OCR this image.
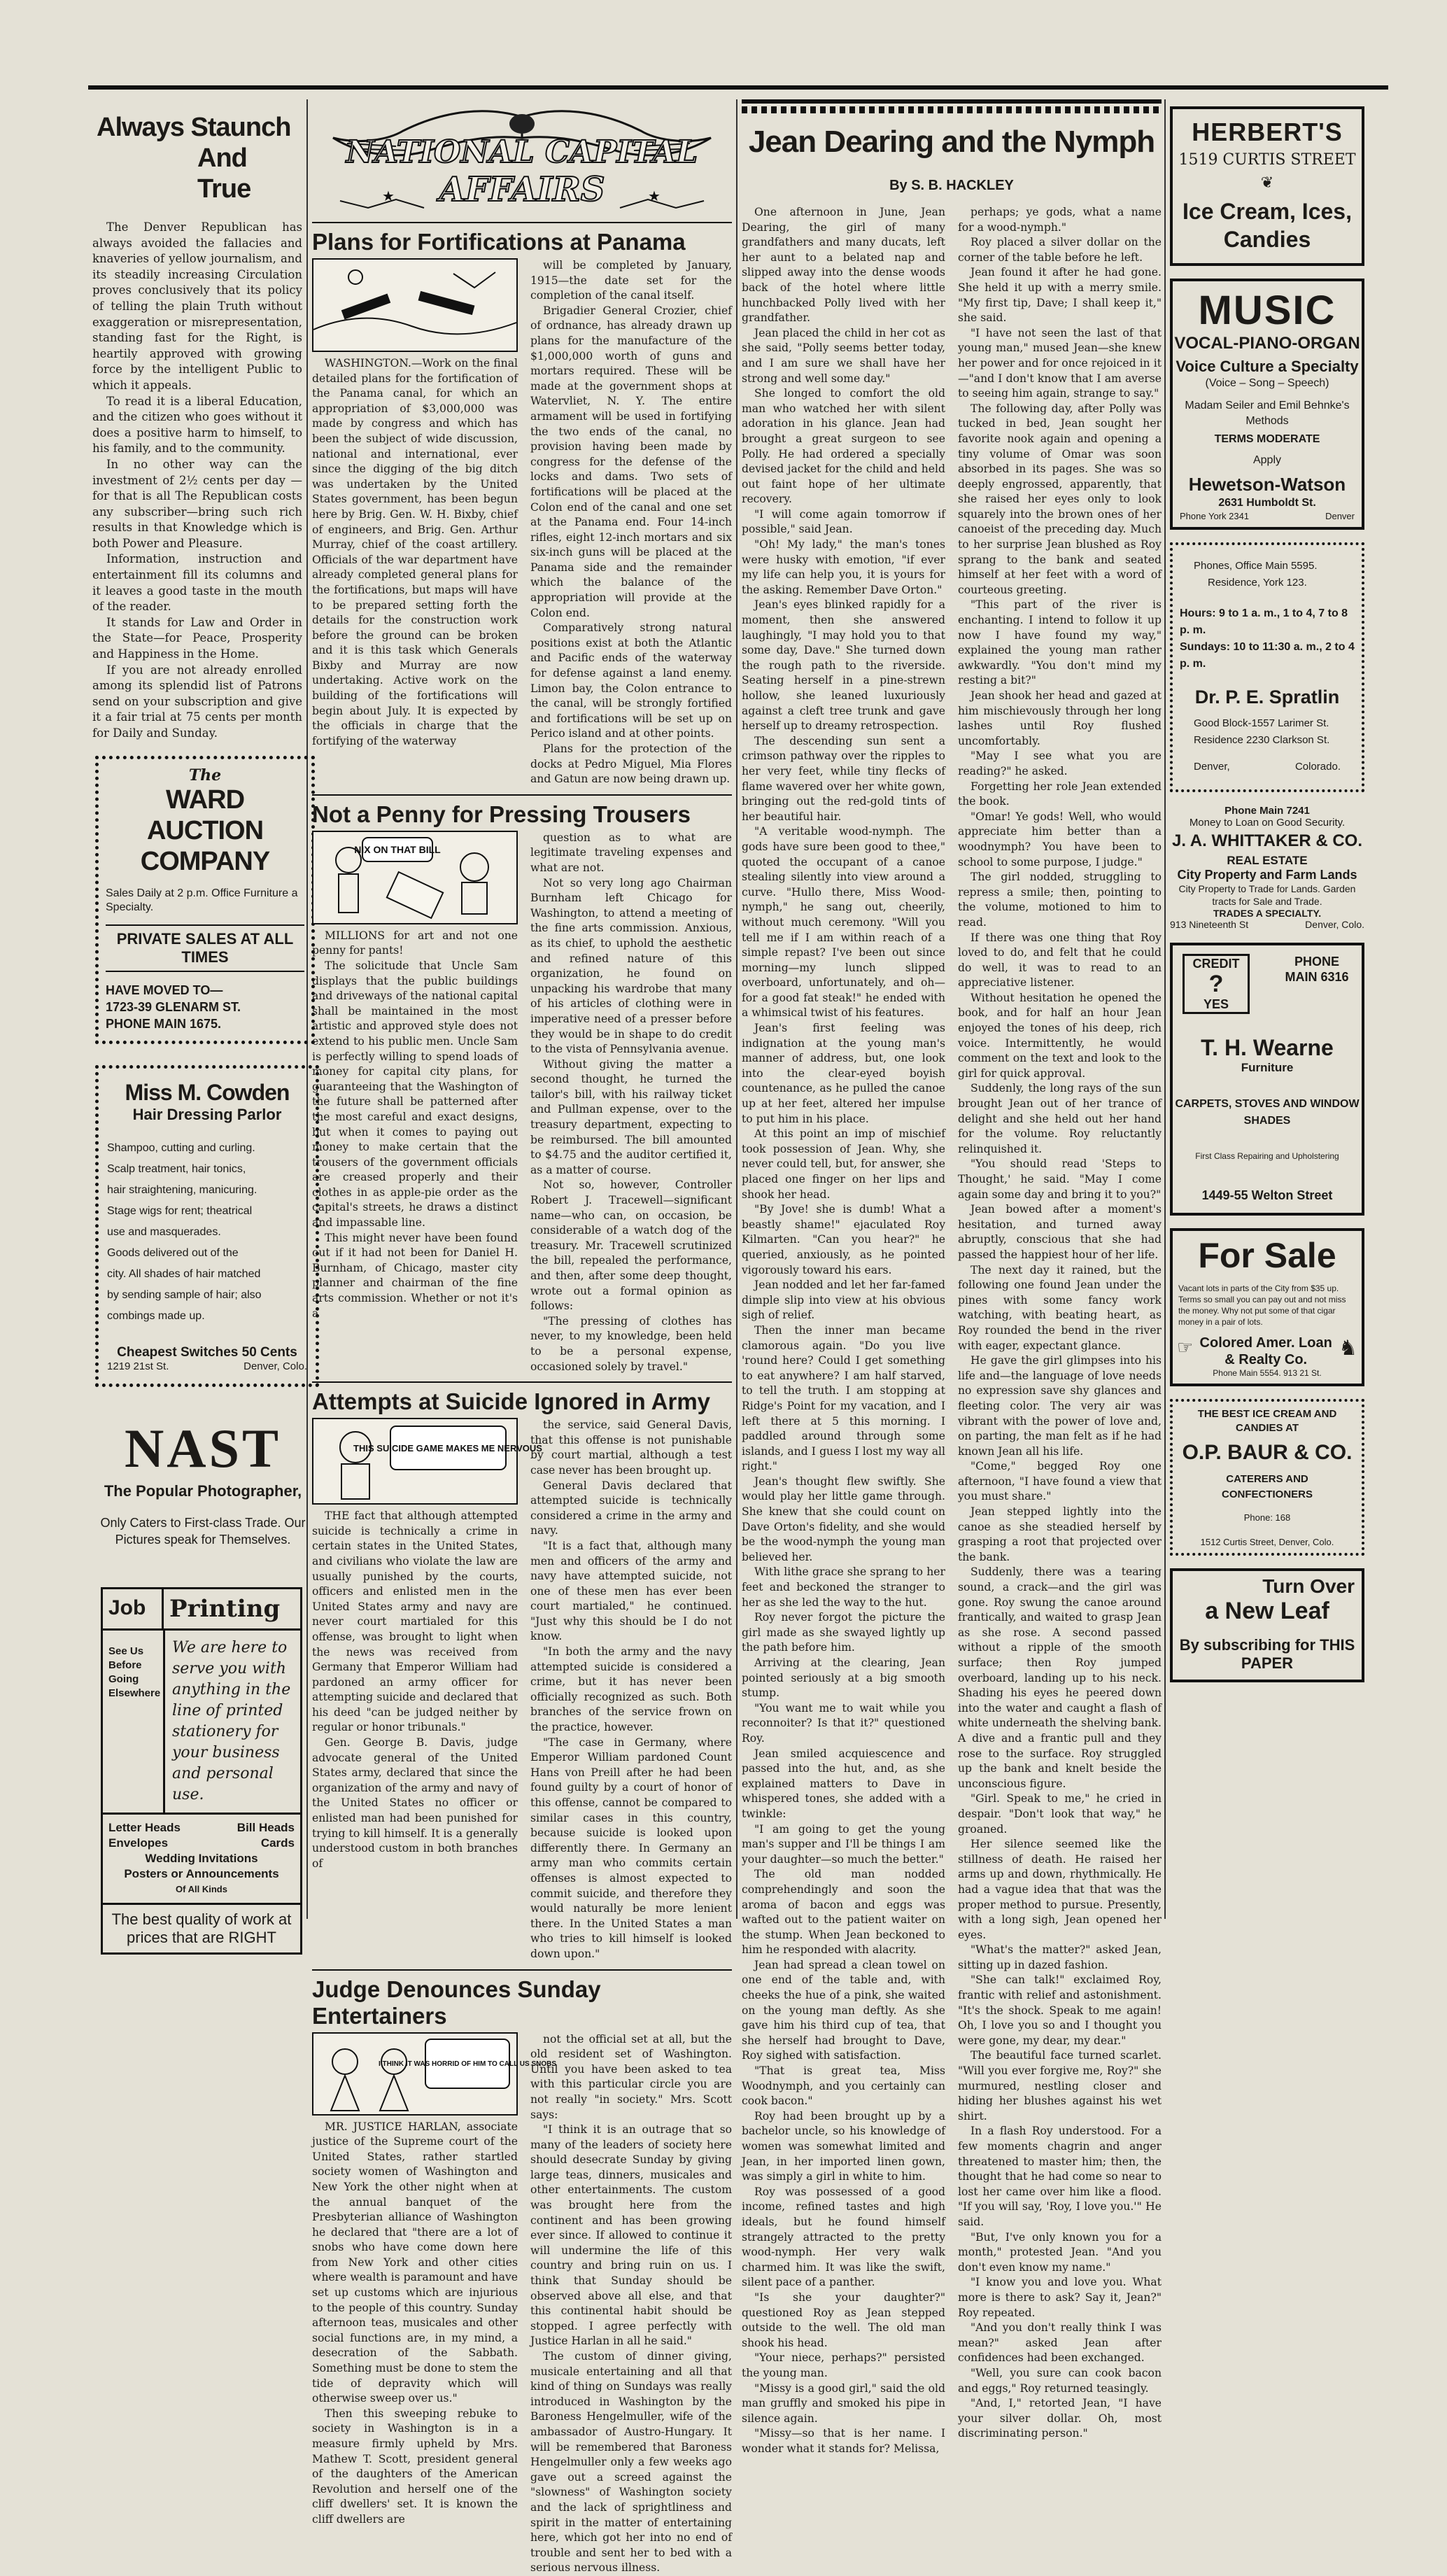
Always Staunch
And True

The Denver Republican has always avoided the fallacies and knaveries of yellow journalism, and its steadily increasing Circulation proves conclusively that its policy of telling the plain Truth without exaggeration or misrepresentation, standing fast for the Right, is heartily approved with growing force by the intelligent Public to which it appeals.

To read it is a liberal Education, and the citizen who goes without it does a positive harm to himself, to his family, and to the community.

In no other way can the investment of 2½ cents per day —for that is all The Republican costs any subscriber—bring such rich results in that Knowledge which is both Power and Pleasure.

Information, instruction and entertainment fill its columns and it leaves a good taste in the mouth of the reader.

It stands for Law and Order in the State—for Peace, Prosperity and Happiness in the Home.

If you are not already enrolled among its splendid list of Patrons send on your subscription and give it a fair trial at 75 cents per month for Daily and Sunday.

The
WARD AUCTION COMPANY
Sales Daily at 2 p.m. Office Furniture a Specialty.
PRIVATE SALES AT ALL TIMES
HAVE MOVED TO—
1723-39 GLENARM ST.
PHONE MAIN 1675.
Miss M. Cowden
Hair Dressing Parlor
Shampoo, cutting and curling.
Scalp treatment, hair tonics,
hair straightening, manicuring.
Stage wigs for rent; theatrical
use and masquerades.
Goods delivered out of the
city. All shades of hair matched
by sending sample of hair; also
combings made up.
Cheapest Switches 50 Cents
1219 21st St.	Denver, Colo.
NAST
The Popular Photographer,
Only Caters to First-class Trade. Our Pictures speak for Themselves.
Job Printing
See Us Before Going Elsewhere
We are here to serve you with anything in the line of printed stationery for your business and personal use.
Letter Heads	Bill Heads
Envelopes	Cards
Wedding Invitations
Posters or Announcements
Of All Kinds
The best quality of work at prices that are RIGHT
★	★
NATIONAL CAPITAL
AFFAIRS
Plans for Fortifications at Panama

WASHINGTON.—Work on the final detailed plans for the fortification of the Panama canal, for which an appropriation of $3,000,000 was made by congress and which has been the subject of wide discussion, national and international, ever since the digging of the big ditch was undertaken by the United States government, has been begun here by Brig. Gen. W. H. Bixby, chief of engineers, and Brig. Gen. Arthur Murray, chief of the coast artillery. Officials of the war department have already completed general plans for the fortifications, but maps will have to be prepared setting forth the details for the construction work before the ground can be broken and it is this task which Generals Bixby and Murray are now undertaking. Active work on the building of the fortifications will begin about July. It is expected by the officials in charge that the fortifying of the waterway

will be completed by January, 1915—the date set for the completion of the canal itself.

Brigadier General Crozier, chief of ordnance, has already drawn up plans for the manufacture of the $1,000,000 worth of guns and mortars required. These will be made at the government shops at Watervliet, N. Y. The entire armament will be used in fortifying the two ends of the canal, no provision having been made by congress for the defense of the locks and dams. Two sets of fortifications will be placed at the Colon end of the canal and one set at the Panama end. Four 14-inch rifles, eight 12-inch mortars and six six-inch guns will be placed at the Panama side and the remainder which the balance of the appropriation will provide at the Colon end.

Comparatively strong natural positions exist at both the Atlantic and Pacific ends of the waterway for defense against a land enemy. Limon bay, the Colon entrance to the canal, will be strongly fortified and fortifications will be set up on Perico island and at other points.

Plans for the protection of the docks at Pedro Miguel, Mia Flores and Gatun are now being drawn up.

Not a Penny for Pressing Trousers
NIX ON THAT BILL

MILLIONS for art and not one penny for pants!

The solicitude that Uncle Sam displays that the public buildings and driveways of the national capital shall be maintained in the most artistic and approved style does not extend to his public men. Uncle Sam is perfectly willing to spend loads of money for capital city plans, for guaranteeing that the Washington of the future shall be patterned after the most careful and exact designs, but when it comes to paying out money to make certain that the trousers of the government officials are creased properly and their clothes in as apple-pie order as the capital's streets, he draws a distinct and impassable line.

This might never have been found out if it had not been for Daniel H. Burnham, of Chicago, master city planner and chairman of the fine arts commission. Whether or not it's a

question as to what are legitimate traveling expenses and what are not.

Not so very long ago Chairman Burnham left Chicago for Washington, to attend a meeting of the fine arts commission. Anxious, as its chief, to uphold the aesthetic and refined nature of this organization, he found on unpacking his wardrobe that many of his articles of clothing were in imperative need of a presser before they would be in shape to do credit to the vista of Pennsylvania avenue.

Without giving the matter a second thought, he turned the tailor's bill, with his railway ticket and Pullman expense, over to the treasury department, expecting to be reimbursed. The bill amounted to $4.75 and the auditor certified it, as a matter of course.

Not so, however, Controller Robert J. Tracewell—significant name—who can, on occasion, be considerable of a watch dog of the treasury. Mr. Tracewell scrutinized the bill, repealed the performance, and then, after some deep thought, wrote out a formal opinion as follows:

"The pressing of clothes has never, to my knowledge, been held to be a personal expense, occasioned solely by travel."

Attempts at Suicide Ignored in Army
THIS SUICIDE GAME MAKES ME NERVOUS

THE fact that although attempted suicide is technically a crime in certain states in the United States, and civilians who violate the law are usually punished by the courts, officers and enlisted men in the United States army and navy are never court martialed for this offense, was brought to light when the news was received from Germany that Emperor William had pardoned an army officer for attempting suicide and declared that his deed "can be judged neither by regular or honor tribunals."

Gen. George B. Davis, judge advocate general of the United States army, declared that since the organization of the army and navy of the United States no officer or enlisted man had been punished for trying to kill himself. It is a generally understood custom in both branches of

the service, said General Davis, that this offense is not punishable by court martial, although a test case never has been brought up.

General Davis declared that attempted suicide is technically considered a crime in the army and navy.

"It is a fact that, although many men and officers of the army and navy have attempted suicide, not one of these men has ever been court martialed," he continued. "Just why this should be I do not know.

"In both the army and the navy attempted suicide is considered a crime, but it has never been officially recognized as such. Both branches of the service frown on the practice, however.

"The case in Germany, where Emperor William pardoned Count Hans von Preill after he had been found guilty by a court of honor of this offense, cannot be compared to similar cases in this country, because suicide is looked upon differently there. In Germany an army man who commits certain offenses is almost expected to commit suicide, and therefore they would naturally be more lenient there. In the United States a man who tries to kill himself is looked down upon."

Judge Denounces Sunday Entertainers
I THINK IT WAS HORRID OF HIM TO CALL US SNOBS

MR. JUSTICE HARLAN, associate justice of the Supreme court of the United States, rather startled society women of Washington and New York the other night when at the annual banquet of the Presbyterian alliance of Washington he declared that "there are a lot of snobs who have come down here from New York and other cities where wealth is paramount and have set up customs which are injurious to the people of this country. Sunday afternoon teas, musicales and other social functions are, in my mind, a desecration of the Sabbath. Something must be done to stem the tide of depravity which will otherwise sweep over us."

Then this sweeping rebuke to society in Washington is in a measure firmly upheld by Mrs. Mathew T. Scott, president general of the daughters of the American Revolution and herself one of the cliff dwellers' set. It is known the cliff dwellers are

not the official set at all, but the old resident set of Washington. Until you have been asked to tea with this particular circle you are not really "in society." Mrs. Scott says:

"I think it is an outrage that so many of the leaders of society here should desecrate Sunday by giving large teas, dinners, musicales and other entertainments. The custom was brought here from the continent and has been growing ever since. If allowed to continue it will undermine the life of this country and bring ruin on us. I think that Sunday should be observed above all else, and that this continental habit should be stopped. I agree perfectly with Justice Harlan in all he said."

The custom of dinner giving, musicale entertaining and all that kind of thing on Sundays was really introduced in Washington by the Baroness Hengelmuller, wife of the ambassador of Austro-Hungary. It will be remembered that Baroness Hengelmuller only a few weeks ago gave out a screed against the "slowness" of Washington society and the lack of sprightliness and spirit in the matter of entertaining here, which got her into no end of trouble and sent her to bed with a serious nervous illness.

Jean Dearing and the Nymph
By S. B. HACKLEY

One afternoon in June, Jean Dearing, the girl of many grandfathers and many ducats, left her aunt to a belated nap and slipped away into the dense woods back of the hotel where little hunchbacked Polly lived with her grandfather.

Jean placed the child in her cot as she said, "Polly seems better today, and I am sure we shall have her strong and well some day."

She longed to comfort the old man who watched her with silent adoration in his glance. Jean had brought a great surgeon to see Polly. He had ordered a specially devised jacket for the child and held out faint hope of her ultimate recovery.

"I will come again tomorrow if possible," said Jean.

"Oh! My lady," the man's tones were husky with emotion, "if ever my life can help you, it is yours for the asking. Remember Dave Orton."

Jean's eyes blinked rapidly for a moment, then she answered laughingly, "I may hold you to that some day, Dave." She turned down the rough path to the riverside. Seating herself in a pine-strewn hollow, she leaned luxuriously against a cleft tree trunk and gave herself up to dreamy retrospection.

The descending sun sent a crimson pathway over the ripples to her very feet, while tiny flecks of flame wavered over her white gown, bringing out the red-gold tints of her beautiful hair.

"A veritable wood-nymph. The gods have sure been good to thee," quoted the occupant of a canoe stealing silently into view around a curve. "Hullo there, Miss Wood-nymph," he sang out, cheerily, without much ceremony. "Will you tell me if I am within reach of a simple repast? I've been out since morning—my lunch slipped overboard, unfortunately, and oh—for a good fat steak!" he ended with a whimsical twist of his features.

Jean's first feeling was indignation at the young man's manner of address, but, one look into the clear-eyed boyish countenance, as he pulled the canoe up at her feet, altered her impulse to put him in his place.

At this point an imp of mischief took possession of Jean. Why, she never could tell, but, for answer, she placed one finger on her lips and shook her head.

"By Jove! she is dumb! What a beastly shame!" ejaculated Roy Kilmarten. "Can you hear?" he queried, anxiously, as he pointed vigorously toward his ears.

Jean nodded and let her far-famed dimple slip into view at his obvious sigh of relief.

Then the inner man became clamorous again. "Do you live 'round here? Could I get something to eat anywhere? I am half starved, to tell the truth. I am stopping at Ridge's Point for my vacation, and I left there at 5 this morning. I paddled around through some islands, and I guess I lost my way all right."

Jean's thought flew swiftly. She would play her little game through. She knew that she could count on Dave Orton's fidelity, and she would be the wood-nymph the young man believed her.

With lithe grace she sprang to her feet and beckoned the stranger to her as she led the way to the hut.

Roy never forgot the picture the girl made as she swayed lightly up the path before him.

Arriving at the clearing, Jean pointed seriously at a big smooth stump.

"You want me to wait while you reconnoiter? Is that it?" questioned Roy.

Jean smiled acquiescence and passed into the hut, and, as she explained matters to Dave in whispered tones, she added with a twinkle:

"I am going to get the young man's supper and I'll be things I am your daughter—so much the better."

The old man nodded comprehendingly and soon the aroma of bacon and eggs was wafted out to the patient waiter on the stump. When Jean beckoned to him he responded with alacrity.

Jean had spread a clean towel on one end of the table and, with cheeks the hue of a pink, she waited on the young man deftly. As she gave him his third cup of tea, that she herself had brought to Dave, Roy sighed with satisfaction.

"That is great tea, Miss Woodnymph, and you certainly can cook bacon."

Roy had been brought up by a bachelor uncle, so his knowledge of women was somewhat limited and Jean, in her imported linen gown, was simply a girl in white to him.

Roy was possessed of a good income, refined tastes and high ideals, but he found himself strangely attracted to the pretty wood-nymph. Her very walk charmed him. It was like the swift, silent pace of a panther.

"Is she your daughter?" questioned Roy as Jean stepped outside to the well. The old man shook his head.

"Your niece, perhaps?" persisted the young man.

"Missy is a good girl," said the old man gruffly and smoked his pipe in silence again.

"Missy—so that is her name. I wonder what it stands for? Melissa,

perhaps; ye gods, what a name for a wood-nymph."

Roy placed a silver dollar on the corner of the table before he left.

Jean found it after he had gone. She held it up with a merry smile. "My first tip, Dave; I shall keep it," she said.

"I have not seen the last of that young man," mused Jean—she knew her power and for once rejoiced in it —"and I don't know that I am averse to seeing him again, strange to say."

The following day, after Polly was tucked in bed, Jean sought her favorite nook again and opening a tiny volume of Omar was soon absorbed in its pages. She was so deeply engrossed, apparently, that she raised her eyes only to look squarely into the brown ones of her canoeist of the preceding day. Much to her surprise Jean blushed as Roy sprang to the bank and seated himself at her feet with a word of courteous greeting.

"This part of the river is enchanting. I intend to follow it up now I have found my way," explained the young man rather awkwardly. "You don't mind my resting a bit?"

Jean shook her head and gazed at him mischievously through her long lashes until Roy flushed uncomfortably.

"May I see what you are reading?" he asked.

Forgetting her role Jean extended the book.

"Omar! Ye gods! Well, who would appreciate him better than a woodnymph? You have been to school to some purpose, I judge."

The girl nodded, struggling to repress a smile; then, pointing to the volume, motioned to him to read.

If there was one thing that Roy loved to do, and felt that he could do well, it was to read to an appreciative listener.

Without hesitation he opened the book, and for half an hour Jean enjoyed the tones of his deep, rich voice. Intermittently, he would comment on the text and look to the girl for quick approval.

Suddenly, the long rays of the sun brought Jean out of her trance of delight and she held out her hand for the volume. Roy reluctantly relinquished it.

"You should read 'Steps to Thought,' he said. "May I come again some day and bring it to you?"

Jean bowed after a moment's hesitation, and turned away abruptly, conscious that she had passed the happiest hour of her life.

The next day it rained, but the following one found Jean under the pines with some fancy work watching, with beating heart, as Roy rounded the bend in the river with eager, expectant glance.

He gave the girl glimpses into his life and—the language of love needs no expression save shy glances and fleeting color. The very air was vibrant with the power of love and, on parting, the man felt as if he had known Jean all his life.

"Come," begged Roy one afternoon, "I have found a view that you must share."

Jean stepped lightly into the canoe as she steadied herself by grasping a root that projected over the bank.

Suddenly, there was a tearing sound, a crack—and the girl was gone. Roy swung the canoe around frantically, and waited to grasp Jean as she rose. A second passed without a ripple of the smooth surface; then Roy jumped overboard, landing up to his neck. Shading his eyes he peered down into the water and caught a flash of white underneath the shelving bank. A dive and a frantic pull and they rose to the surface. Roy struggled up the bank and knelt beside the unconscious figure.

"Girl. Speak to me," he cried in despair. "Don't look that way," he groaned.

Her silence seemed like the stillness of death. He raised her arms up and down, rhythmically. He had a vague idea that that was the proper method to pursue. Presently, with a long sigh, Jean opened her eyes.

"What's the matter?" asked Jean, sitting up in dazed fashion.

"She can talk!" exclaimed Roy, frantic with relief and astonishment. "It's the shock. Speak to me again! Oh, I love you so and I thought you were gone, my dear, my dear."

The beautiful face turned scarlet. "Will you ever forgive me, Roy?" she murmured, nestling closer and hiding her blushes against his wet shirt.

In a flash Roy understood. For a few moments chagrin and anger threatened to master him; then, the thought that he had come so near to lost her came over him like a flood. "If you will say, 'Roy, I love you.'" He said.

"But, I've only known you for a month," protested Jean. "And you don't even know my name."

"I know you and love you. What more is there to ask? Say it, Jean?" Roy repeated.

"And you don't really think I was mean?" asked Jean after confidences had been exchanged.

"Well, you sure can cook bacon and eggs," Roy returned teasingly.

"And, I," retorted Jean, "I have your silver dollar. Oh, most discriminating person."

HERBERT'S
1519 CURTIS STREET
❦
Ice Cream, Ices, Candies
MUSIC
VOCAL-PIANO-ORGAN
Voice Culture a Specialty
(Voice – Song – Speech)
Madam Seiler and Emil Behnke's Methods
TERMS MODERATE
Apply
Hewetson-Watson
2631 Humboldt St.
Phone York 2341	Denver
Phones, Office Main 5595.
Residence, York 123.
Hours: 9 to 1 a. m., 1 to 4, 7 to 8 p. m.
Sundays: 10 to 11:30 a. m., 2 to 4 p. m.
Dr. P. E. Spratlin
Good Block-1557 Larimer St.
Residence 2230 Clarkson St.
Denver,	Colorado.
Phone Main 7241
Money to Loan on Good Security.
J. A. WHITTAKER & CO.
REAL ESTATE
City Property and Farm Lands
City Property to Trade for Lands. Garden tracts for Sale and Trade.
TRADES A SPECIALTY.
913 Nineteenth St	Denver, Colo.
CREDIT
?
YES
PHONE MAIN 6316
T. H. Wearne
Furniture
CARPETS, STOVES AND WINDOW SHADES
First Class Repairing and Upholstering
1449-55 Welton Street
For Sale
Vacant lots in parts of the City from $35 up. Terms so small you can pay out and not miss the money. Why not put some of that cigar money in a pair of lots.
☞ Colored Amer. Loan & Realty Co.	♞
Phone Main 5554. 913 21 St.
THE BEST ICE CREAM AND CANDIES AT
O.P. BAUR & CO.
CATERERS AND
CONFECTIONERS
Phone: 168
1512 Curtis Street, Denver, Colo.
Turn Over
a New Leaf
By subscribing for THIS PAPER
